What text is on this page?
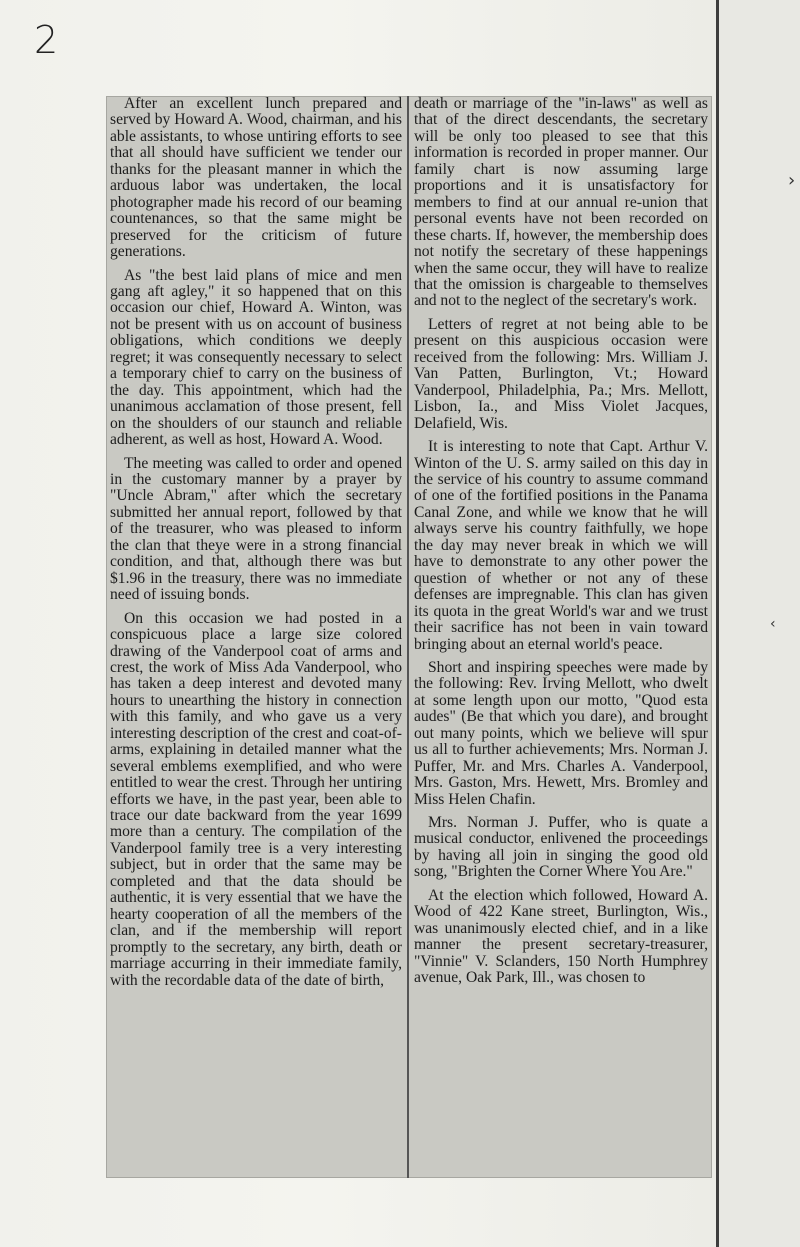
2
›
‹

After an excellent lunch prepared and served by Howard A. Wood, chairman, and his able assistants, to whose untiring efforts to see that all should have sufficient we tender our thanks for the pleasant manner in which the arduous labor was undertaken, the local photographer made his record of our beaming countenances, so that the same might be preserved for the criticism of future generations.

As "the best laid plans of mice and men gang aft agley," it so happened that on this occasion our chief, Howard A. Winton, was not be present with us on account of business obligations, which conditions we deeply regret; it was consequently necessary to select a temporary chief to carry on the business of the day. This appointment, which had the unanimous acclamation of those present, fell on the shoulders of our staunch and reliable adherent, as well as host, Howard A. Wood.

The meeting was called to order and opened in the customary manner by a prayer by "Uncle Abram," after which the secretary submitted her annual report, followed by that of the treasurer, who was pleased to inform the clan that theye were in a strong financial condition, and that, although there was but $1.96 in the treasury, there was no immediate need of issuing bonds.

On this occasion we had posted in a conspicuous place a large size colored drawing of the Vanderpool coat of arms and crest, the work of Miss Ada Vanderpool, who has taken a deep interest and devoted many hours to unearthing the history in connection with this family, and who gave us a very interesting description of the crest and coat-of-arms, explaining in detailed manner what the several emblems exemplified, and who were entitled to wear the crest. Through her untiring efforts we have, in the past year, been able to trace our date backward from the year 1699 more than a century. The compilation of the Vanderpool family tree is a very interesting subject, but in order that the same may be completed and that the data should be authentic, it is very essential that we have the hearty cooperation of all the members of the clan, and if the membership will report promptly to the secretary, any birth, death or marriage accurring in their immediate family, with the recordable data of the date of birth,

death or marriage of the "in-laws" as well as that of the direct descendants, the secretary will be only too pleased to see that this information is recorded in proper manner. Our family chart is now assuming large proportions and it is unsatisfactory for members to find at our annual re-union that personal events have not been recorded on these charts. If, however, the membership does not notify the secretary of these happenings when the same occur, they will have to realize that the omission is chargeable to themselves and not to the neglect of the secretary's work.

Letters of regret at not being able to be present on this auspicious occasion were received from the following: Mrs. William J. Van Patten, Burlington, Vt.; Howard Vanderpool, Philadelphia, Pa.; Mrs. Mellott, Lisbon, Ia., and Miss Violet Jacques, Delafield, Wis.

It is interesting to note that Capt. Arthur V. Winton of the U. S. army sailed on this day in the service of his country to assume command of one of the fortified positions in the Panama Canal Zone, and while we know that he will always serve his country faithfully, we hope the day may never break in which we will have to demonstrate to any other power the question of whether or not any of these defenses are impregnable. This clan has given its quota in the great World's war and we trust their sacrifice has not been in vain toward bringing about an eternal world's peace.

Short and inspiring speeches were made by the following: Rev. Irving Mellott, who dwelt at some length upon our motto, "Quod esta audes" (Be that which you dare), and brought out many points, which we believe will spur us all to further achievements; Mrs. Norman J. Puffer, Mr. and Mrs. Charles A. Vanderpool, Mrs. Gaston, Mrs. Hewett, Mrs. Bromley and Miss Helen Chafin.

Mrs. Norman J. Puffer, who is quate a musical conductor, enlivened the proceedings by having all join in singing the good old song, "Brighten the Corner Where You Are."

At the election which followed, Howard A. Wood of 422 Kane street, Burlington, Wis., was unanimously elected chief, and in a like manner the present secretary-treasurer, "Vinnie" V. Sclanders, 150 North Humphrey avenue, Oak Park, Ill., was chosen to
